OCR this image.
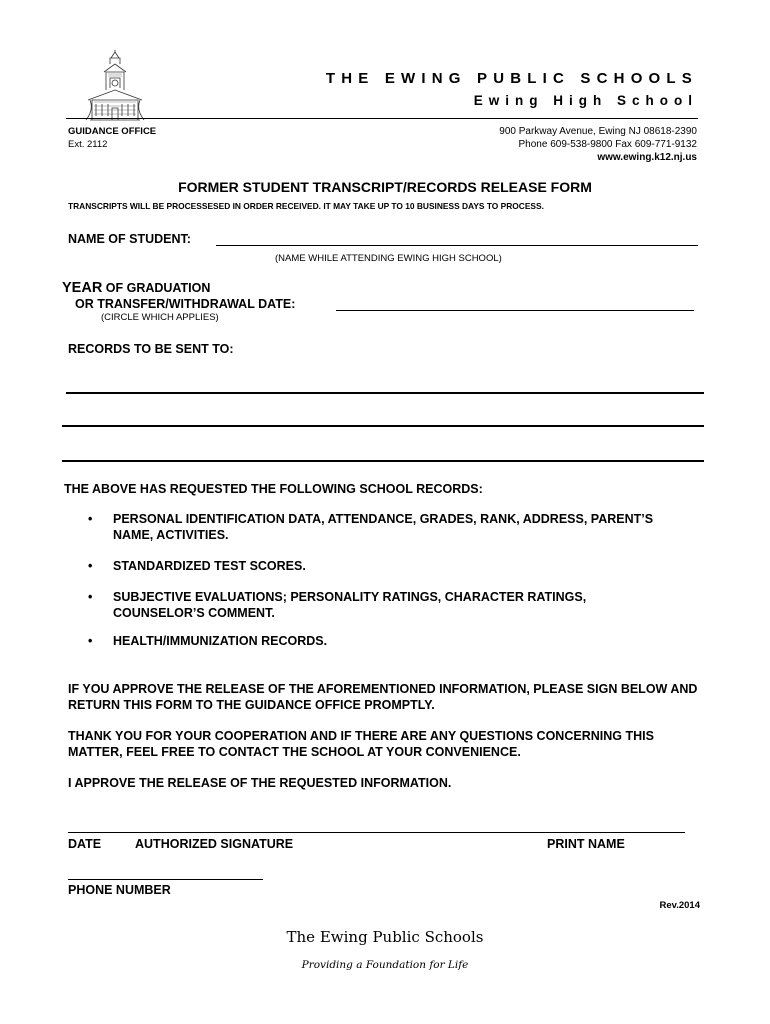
THE EWING PUBLIC SCHOOLS
Ewing High School
GUIDANCE OFFICE
Ext. 2112
900 Parkway Avenue, Ewing NJ 08618-2390
Phone 609-538-9800 Fax 609-771-9132
www.ewing.k12.nj.us
FORMER STUDENT TRANSCRIPT/RECORDS RELEASE FORM
TRANSCRIPTS WILL BE PROCESSESED IN ORDER RECEIVED. IT MAY TAKE UP TO 10 BUSINESS DAYS TO PROCESS.
NAME OF STUDENT:
(NAME WHILE ATTENDING EWING HIGH SCHOOL)
YEAR OF GRADUATION
OR TRANSFER/WITHDRAWAL DATE:
(CIRCLE WHICH APPLIES)
RECORDS TO BE SENT TO:
THE ABOVE HAS REQUESTED THE FOLLOWING SCHOOL RECORDS:
• PERSONAL IDENTIFICATION DATA, ATTENDANCE, GRADES, RANK, ADDRESS, PARENT’S NAME, ACTIVITIES.
• STANDARDIZED TEST SCORES.
• SUBJECTIVE EVALUATIONS; PERSONALITY RATINGS, CHARACTER RATINGS, COUNSELOR’S COMMENT.
• HEALTH/IMMUNIZATION RECORDS.
IF YOU APPROVE THE RELEASE OF THE AFOREMENTIONED INFORMATION, PLEASE SIGN BELOW AND RETURN THIS FORM TO THE GUIDANCE OFFICE PROMPTLY.
THANK YOU FOR YOUR COOPERATION AND IF THERE ARE ANY QUESTIONS CONCERNING THIS MATTER, FEEL FREE TO CONTACT THE SCHOOL AT YOUR CONVENIENCE.
I APPROVE THE RELEASE OF THE REQUESTED INFORMATION.
DATE	AUTHORIZED SIGNATURE	PRINT NAME
PHONE NUMBER
Rev.2014
The Ewing Public Schools
Providing a Foundation for Life
